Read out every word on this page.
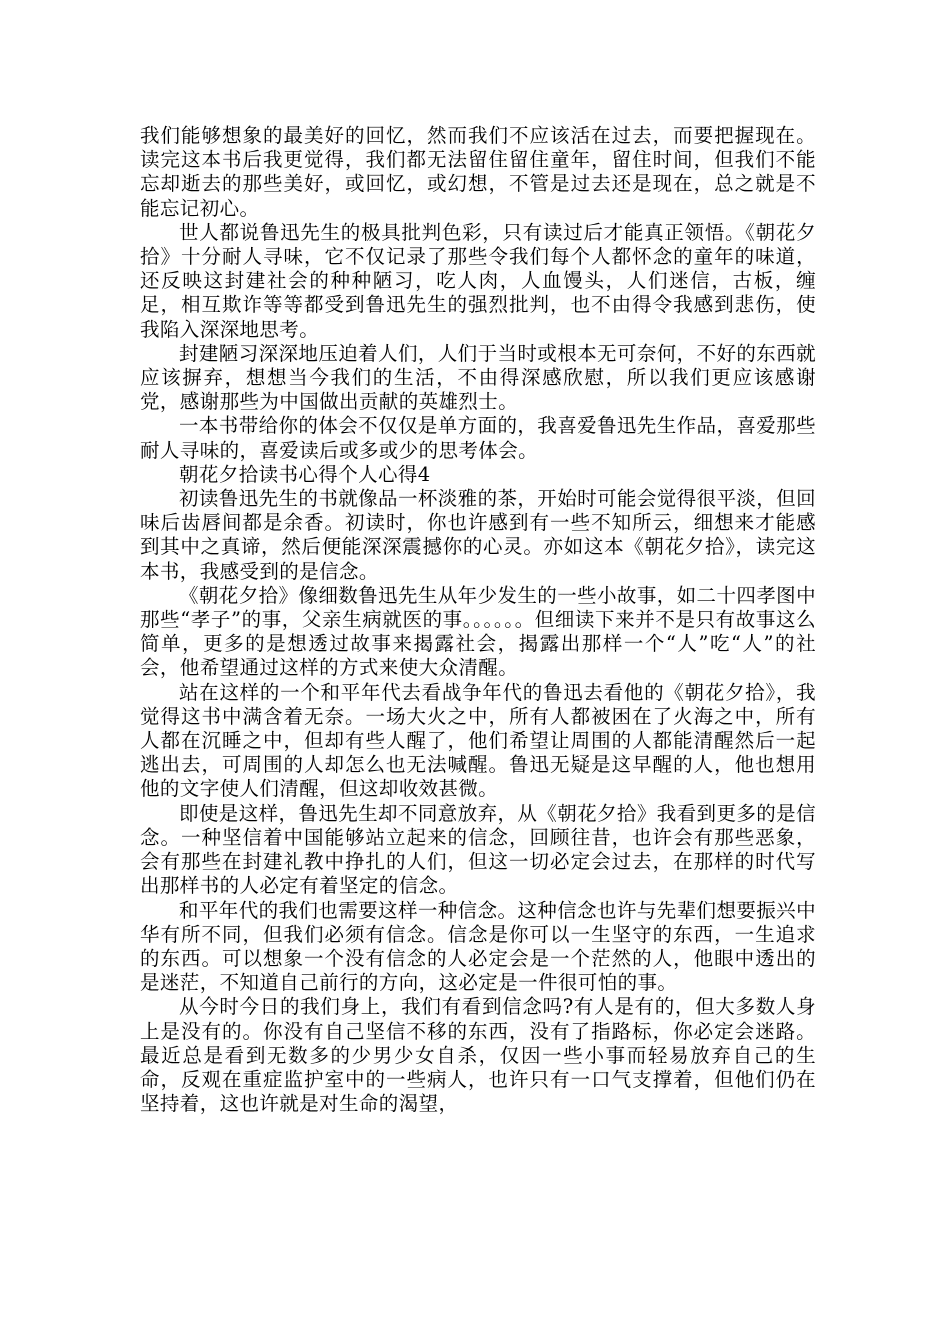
我们能够想象的最美好的回忆，然而我们不应该活在过去，而要把握现在。读完这本书后我更觉得，我们都无法留住留住童年，留住时间，但我们不能忘却逝去的那些美好，或回忆，或幻想，不管是过去还是现在，总之就是不能忘记初心。

世人都说鲁迅先生的极具批判色彩，只有读过后才能真正领悟。《朝花夕拾》十分耐人寻味，它不仅记录了那些令我们每个人都怀念的童年的味道，还反映这封建社会的种种陋习，吃人肉，人血馒头，人们迷信，古板，缠足，相互欺诈等等都受到鲁迅先生的强烈批判，也不由得令我感到悲伤，使我陷入深深地思考。

封建陋习深深地压迫着人们，人们于当时或根本无可奈何，不好的东西就应该摒弃，想想当今我们的生活，不由得深感欣慰，所以我们更应该感谢党，感谢那些为中国做出贡献的英雄烈士。

一本书带给你的体会不仅仅是单方面的，我喜爱鲁迅先生作品，喜爱那些耐人寻味的，喜爱读后或多或少的思考体会。

朝花夕拾读书心得个人心得4

初读鲁迅先生的书就像品一杯淡雅的茶，开始时可能会觉得很平淡，但回味后齿唇间都是余香。初读时，你也许感到有一些不知所云，细想来才能感到其中之真谛，然后便能深深震撼你的心灵。亦如这本《朝花夕拾》，读完这本书，我感受到的是信念。

《朝花夕拾》像细数鲁迅先生从年少发生的一些小故事，如二十四孝图中那些“孝子”的事，父亲生病就医的事。。。。。。但细读下来并不是只有故事这么简单，更多的是想透过故事来揭露社会，揭露出那样一个“人”吃“人”的社会，他希望通过这样的方式来使大众清醒。

站在这样的一个和平年代去看战争年代的鲁迅去看他的《朝花夕拾》，我觉得这书中满含着无奈。一场大火之中，所有人都被困在了火海之中，所有人都在沉睡之中，但却有些人醒了，他们希望让周围的人都能清醒然后一起逃出去，可周围的人却怎么也无法喊醒。鲁迅无疑是这早醒的人，他也想用他的文字使人们清醒，但这却收效甚微。

即使是这样，鲁迅先生却不同意放弃，从《朝花夕拾》我看到更多的是信念。一种坚信着中国能够站立起来的信念，回顾往昔，也许会有那些恶象，会有那些在封建礼教中挣扎的人们，但这一切必定会过去，在那样的时代写出那样书的人必定有着坚定的信念。

和平年代的我们也需要这样一种信念。这种信念也许与先辈们想要振兴中华有所不同，但我们必须有信念。信念是你可以一生坚守的东西，一生追求的东西。可以想象一个没有信念的人必定会是一个茫然的人，他眼中透出的是迷茫，不知道自己前行的方向，这必定是一件很可怕的事。

从今时今日的我们身上，我们有看到信念吗?有人是有的，但大多数人身上是没有的。你没有自己坚信不移的东西，没有了指路标，你必定会迷路。最近总是看到无数多的少男少女自杀，仅因一些小事而轻易放弃自己的生命，反观在重症监护室中的一些病人，也许只有一口气支撑着，但他们仍在坚持着，这也许就是对生命的渴望，
